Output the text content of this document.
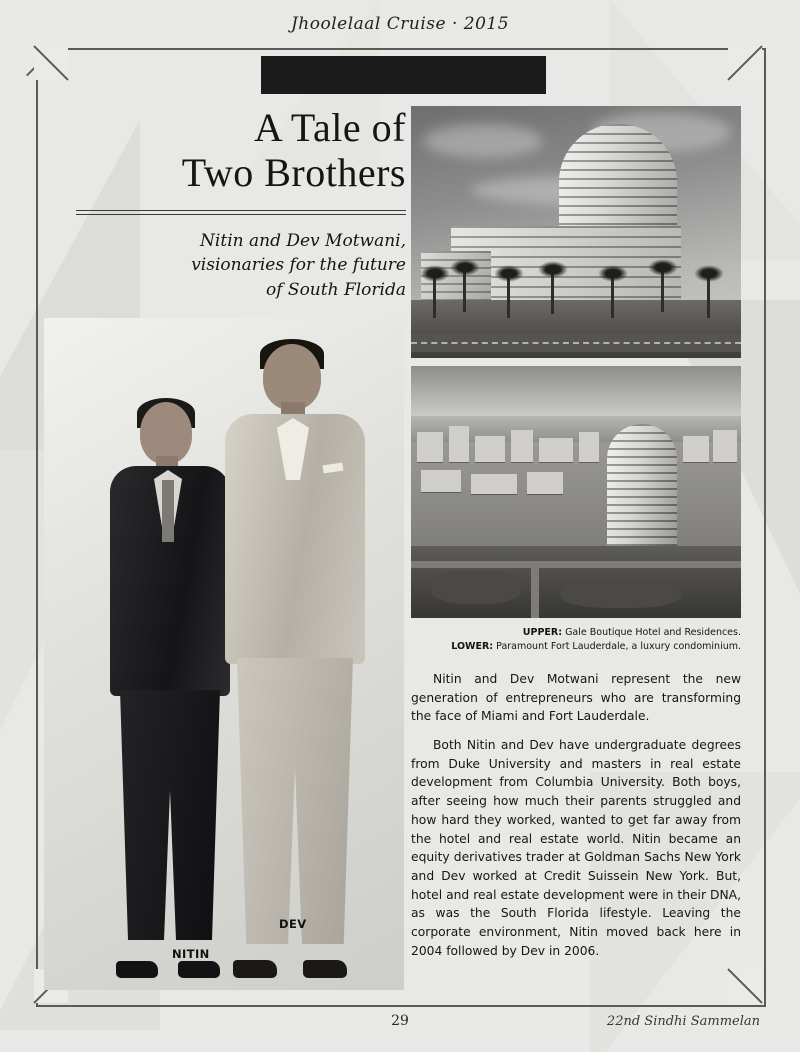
Jhoolelaal Cruise · 2015
A Tale of
Two Brothers
Nitin and Dev Motwani,
visionaries for the future
of South Florida
UPPER: Gale Boutique Hotel and Residences.
LOWER: Paramount Fort Lauderdale, a luxury condominium.

Nitin and Dev Motwani represent the new generation of entrepreneurs who are transforming the face of Miami and Fort Lauderdale.

Both Nitin and Dev have undergraduate degrees from Duke University and masters in real estate development from Columbia University. Both boys, after seeing how much their parents struggled and how hard they worked, wanted to get far away from the hotel and real estate world. Nitin became an equity derivatives trader at Goldman Sachs New York and Dev worked at Credit Suissein New York. But, hotel and real estate development were in their DNA, as was the South Florida lifestyle. Leaving the corporate environment, Nitin moved back here in 2004 followed by Dev in 2006.

NITIN
DEV
29	22nd Sindhi Sammelan
